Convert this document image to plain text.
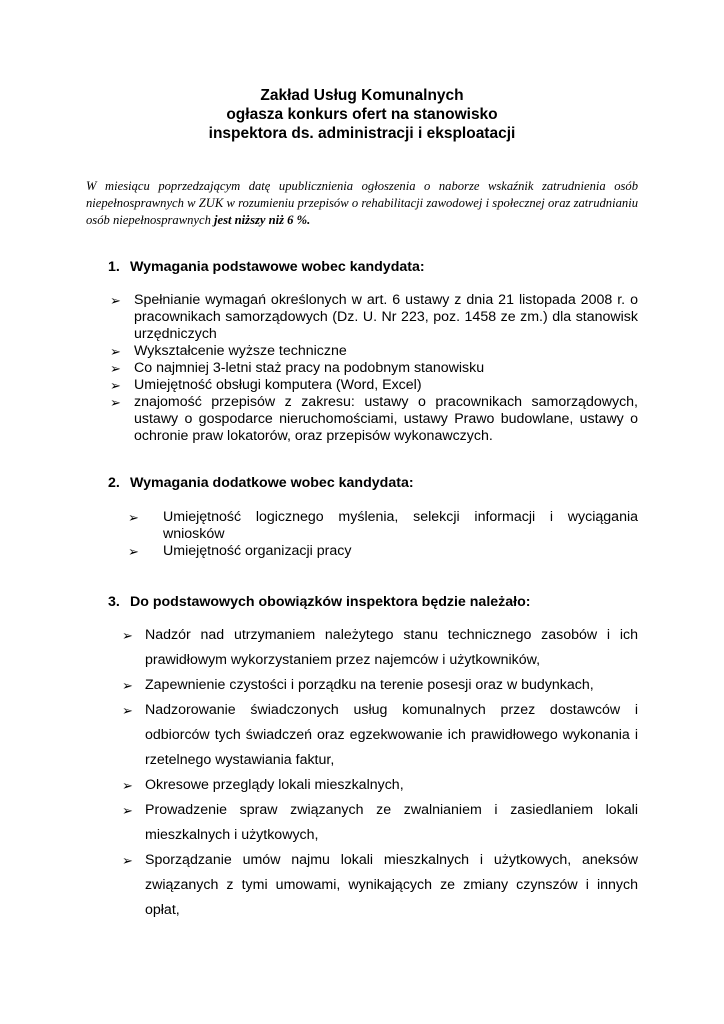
Zakład Usług Komunalnych
ogłasza konkurs ofert na stanowisko
inspektora ds. administracji i eksploatacji
W miesiącu poprzedzającym datę upublicznienia ogłoszenia o naborze wskaźnik zatrudnienia osób niepełnosprawnych w ZUK w rozumieniu przepisów o rehabilitacji zawodowej i społecznej oraz zatrudnianiu osób niepełnosprawnych jest niższy niż 6 %.
1. Wymagania podstawowe wobec kandydata:
➢ Spełnianie wymagań określonych w art. 6 ustawy z dnia 21 listopada 2008 r. o pracownikach samorządowych (Dz. U. Nr 223, poz. 1458 ze zm.) dla stanowisk urzędniczych
➢ Wykształcenie wyższe techniczne
➢ Co najmniej 3-letni staż pracy na podobnym stanowisku
➢ Umiejętność obsługi komputera (Word, Excel)
➢ znajomość przepisów z zakresu: ustawy o pracownikach samorządowych, ustawy o gospodarce nieruchomościami, ustawy Prawo budowlane, ustawy o ochronie praw lokatorów, oraz przepisów wykonawczych.
2. Wymagania dodatkowe wobec kandydata:
➢ Umiejętność logicznego myślenia, selekcji informacji i wyciągania wniosków
➢ Umiejętność organizacji pracy
3. Do podstawowych obowiązków inspektora będzie należało:
➢ Nadzór nad utrzymaniem należytego stanu technicznego zasobów i ich prawidłowym wykorzystaniem przez najemców i użytkowników,
➢ Zapewnienie czystości i porządku na terenie posesji oraz w budynkach,
➢ Nadzorowanie świadczonych usług komunalnych przez dostawców i odbiorców tych świadczeń oraz egzekwowanie ich prawidłowego wykonania i rzetelnego wystawiania faktur,
➢ Okresowe przeglądy lokali mieszkalnych,
➢ Prowadzenie spraw związanych ze zwalnianiem i zasiedlaniem lokali mieszkalnych i użytkowych,
➢ Sporządzanie umów najmu lokali mieszkalnych i użytkowych, aneksów związanych z tymi umowami, wynikających ze zmiany czynszów i innych opłat,
